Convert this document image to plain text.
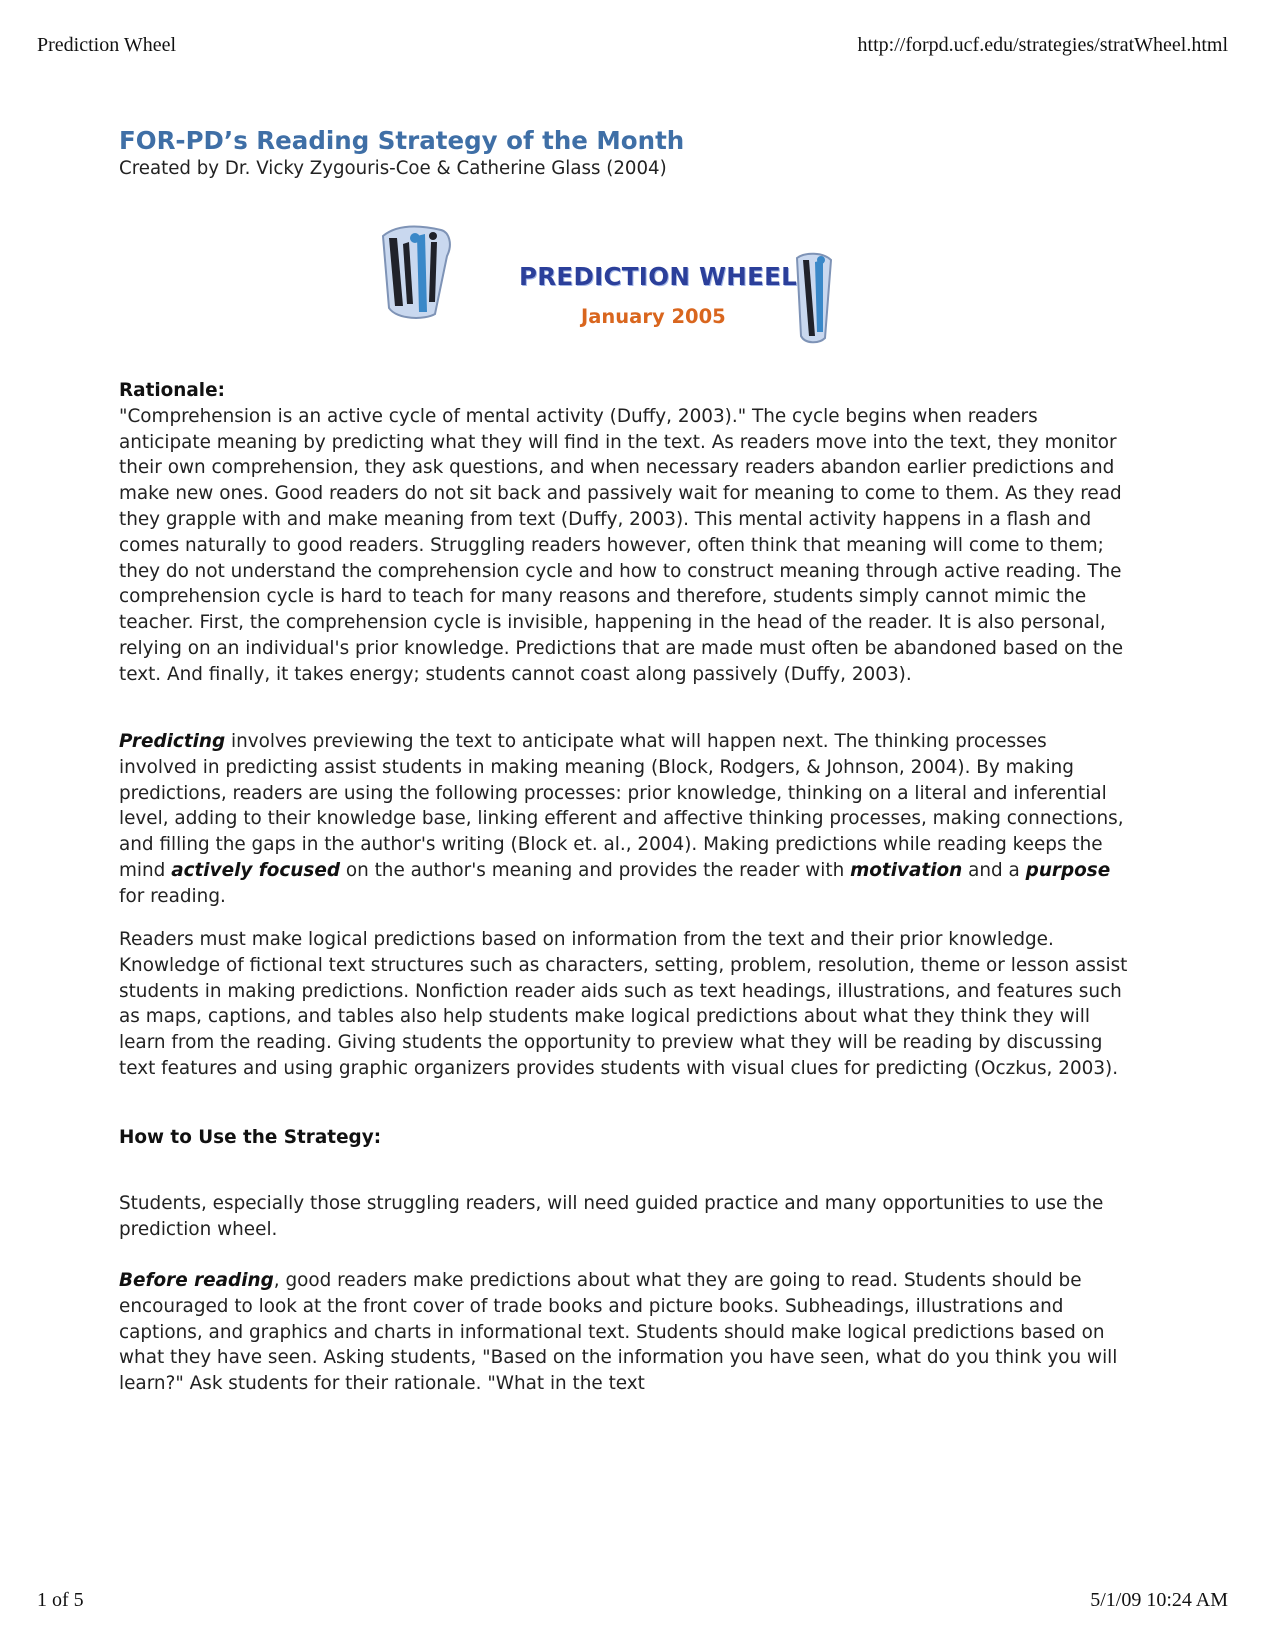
Prediction Wheel	http://forpd.ucf.edu/strategies/stratWheel.html
FOR-PD’s Reading Strategy of the Month

Created by Dr. Vicky Zygouris-Coe & Catherine Glass (2004)

PREDICTION WHEEL
January 2005

Rationale:

"Comprehension is an active cycle of mental activity (Duffy, 2003)." The cycle begins when readers anticipate meaning by predicting what they will find in the text. As readers move into the text, they monitor their own comprehension, they ask questions, and when necessary readers abandon earlier predictions and make new ones. Good readers do not sit back and passively wait for meaning to come to them. As they read they grapple with and make meaning from text (Duffy, 2003). This mental activity happens in a flash and comes naturally to good readers. Struggling readers however, often think that meaning will come to them; they do not understand the comprehension cycle and how to construct meaning through active reading. The comprehension cycle is hard to teach for many reasons and therefore, students simply cannot mimic the teacher. First, the comprehension cycle is invisible, happening in the head of the reader. It is also personal, relying on an individual's prior knowledge. Predictions that are made must often be abandoned based on the text. And finally, it takes energy; students cannot coast along passively (Duffy, 2003).

Predicting involves previewing the text to anticipate what will happen next. The thinking processes involved in predicting assist students in making meaning (Block, Rodgers, & Johnson, 2004). By making predictions, readers are using the following processes: prior knowledge, thinking on a literal and inferential level, adding to their knowledge base, linking efferent and affective thinking processes, making connections, and filling the gaps in the author's writing (Block et. al., 2004). Making predictions while reading keeps the mind actively focused on the author's meaning and provides the reader with motivation and a purpose for reading.

Readers must make logical predictions based on information from the text and their prior knowledge. Knowledge of fictional text structures such as characters, setting, problem, resolution, theme or lesson assist students in making predictions. Nonfiction reader aids such as text headings, illustrations, and features such as maps, captions, and tables also help students make logical predictions about what they think they will learn from the reading. Giving students the opportunity to preview what they will be reading by discussing text features and using graphic organizers provides students with visual clues for predicting (Oczkus, 2003).

How to Use the Strategy:

Students, especially those struggling readers, will need guided practice and many opportunities to use the prediction wheel.

Before reading, good readers make predictions about what they are going to read. Students should be encouraged to look at the front cover of trade books and picture books. Subheadings, illustrations and captions, and graphics and charts in informational text. Students should make logical predictions based on what they have seen. Asking students, "Based on the information you have seen, what do you think you will learn?" Ask students for their rationale. "What in the text

1 of 5	5/1/09 10:24 AM
